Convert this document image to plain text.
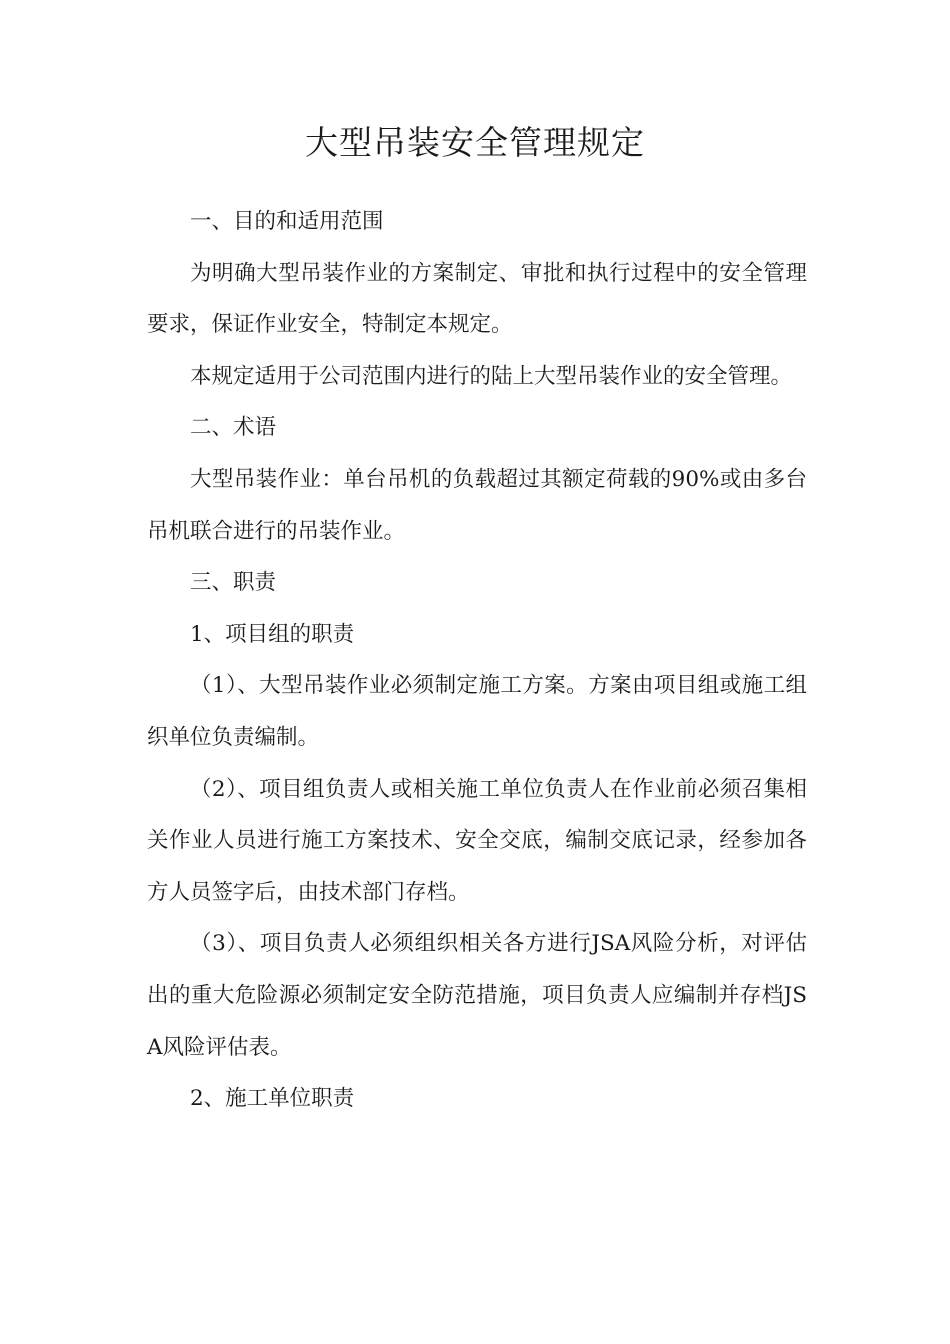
大型吊装安全管理规定

一、目的和适用范围

为明确大型吊装作业的方案制定、审批和执行过程中的安全管理要求，保证作业安全，特制定本规定。

本规定适用于公司范围内进行的陆上大型吊装作业的安全管理。

二、术语

大型吊装作业：单台吊机的负载超过其额定荷载的90%或由多台吊机联合进行的吊装作业。

三、职责

1、项目组的职责

（1）、大型吊装作业必须制定施工方案。方案由项目组或施工组织单位负责编制。

（2）、项目组负责人或相关施工单位负责人在作业前必须召集相关作业人员进行施工方案技术、安全交底，编制交底记录，经参加各方人员签字后，由技术部门存档。

（3）、项目负责人必须组织相关各方进行JSA风险分析，对评估出的重大危险源必须制定安全防范措施，项目负责人应编制并存档JSA风险评估表。

2、施工单位职责
